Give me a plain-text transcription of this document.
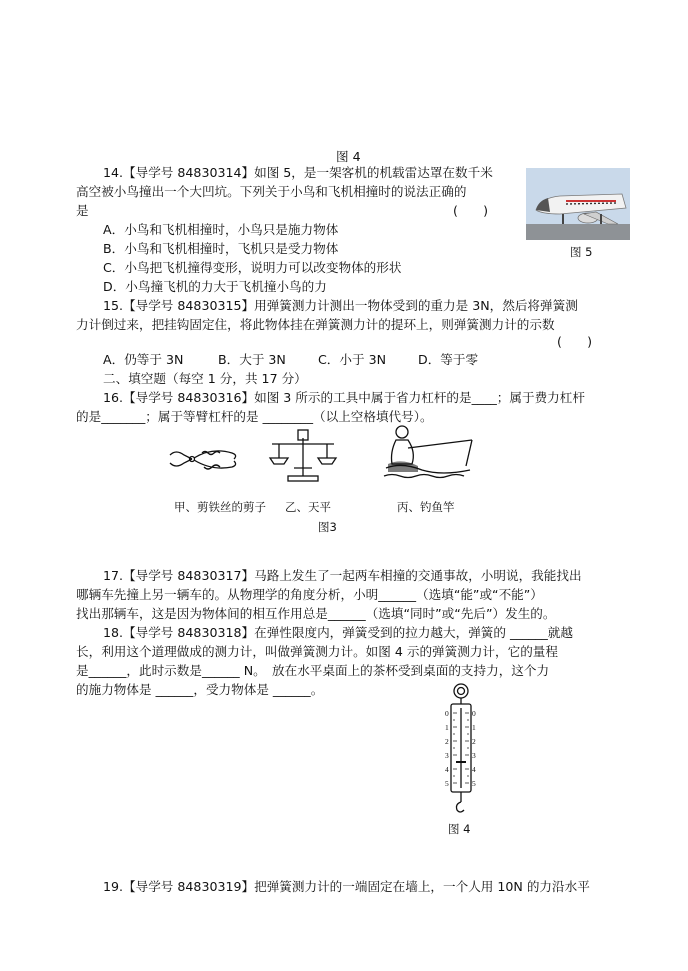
图 4
14.【导学号 84830314】如图 5，是一架客机的机载雷达罩在数千米
高空被小鸟撞出一个大凹坑。下列关于小鸟和飞机相撞时的说法正确的
是	(　　)
A．小鸟和飞机相撞时，小鸟只是施力物体
B．小鸟和飞机相撞时，飞机只是受力物体
C．小鸟把飞机撞得变形，说明力可以改变物体的形状
D．小鸟撞飞机的力大于飞机撞小鸟的力
图 5
15.【导学号 84830315】用弹簧测力计测出一物体受到的重力是 3N，然后将弹簧测
力计倒过来，把挂钩固定住，将此物体挂在弹簧测力计的提环上，则弹簧测力计的示数
(　　)
A．仍等于 3N	B．大于 3N	C．小于 3N	D．等于零
二、填空题（每空 1 分，共 17 分）
16.【导学号 84830316】如图 3 所示的工具中属于省力杠杆的是____；属于费力杠杆
的是_______；属于等臂杠杆的是 ________（以上空格填代号）。
甲、剪铁丝的剪子 乙、天平	丙、钓鱼竿
图3
17.【导学号 84830317】马路上发生了一起两车相撞的交通事故，小明说，我能找出
哪辆车先撞上另一辆车的。从物理学的角度分析，小明______（选填“能”或“不能”）
找出那辆车，这是因为物体间的相互作用总是______（选填“同时”或“先后”）发生的。
18.【导学号 84830318】在弹性限度内，弹簧受到的拉力越大，弹簧的 ______就越
长，利用这个道理做成的测力计，叫做弹簧测力计。如图 4 示的弹簧测力计，它的量程
是______，此时示数是______ N。　放在水平桌面上的茶杯受到桌面的支持力，这个力
的施力物体是 ______，受力物体是 ______。
0
1
2
3
4
5
0
1
2
3
4
5
图 4
19.【导学号 84830319】把弹簧测力计的一端固定在墙上，一个人用 10N 的力沿水平
